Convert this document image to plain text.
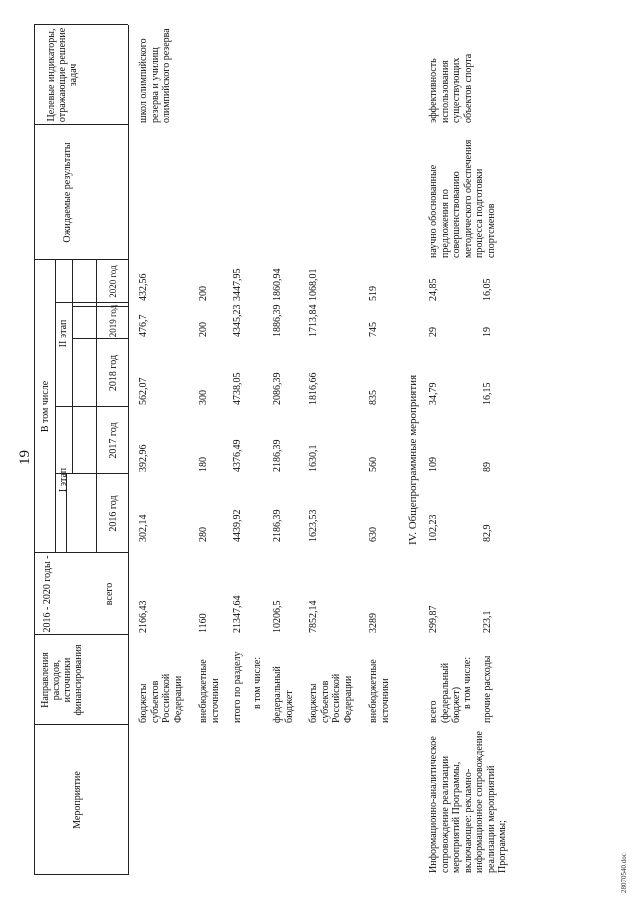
19
28070540.doc
Мероприятие
Направления расходов, источники финансирования
2016 - 2020 годы -	всего
В том числе
I этап
II этап
2016 год
2017 год
2018 год
2019 год
2020 год
Ожидаемые результаты
Целевые индикаторы, отражающие решение задач
бюджеты субъектов Российской Федерации
2166,43
302,14
392,96
562,07
476,7
432,56
внебюджетные источники
1160
280
180
300
200
200
итого по разделу
21347,64
4439,92
4376,49
4738,05
4345,23
3447,95
в том числе: федеральный бюджет
10206,5
2186,39
2186,39
2086,39
1886,39
1860,94
бюджеты субъектов Российской Федерации
7852,14
1623,53
1630,1
1816,66
1713,84
1068,01
внебюджетные источники
3289
630
560
835
745
519
школ олимпийского резерва и училищ олимпийского резерва
IV. Общепрограммные мероприятия
Информационно-аналитическое сопровождение реализации мероприятий Программы, включающее: рекламно-информационное сопровождение реализации мероприятий Программы;
всего (федеральный бюджет)
299,87
102,23
109
34,79
29
24,85
в том числе: прочие расходы
223,1
82,9
89
16,15
19
16,05
научно обоснованные предложения по совершенствованию методического обеспечения процесса подготовки спортсменов
эффективность использования существующих объектов спорта
